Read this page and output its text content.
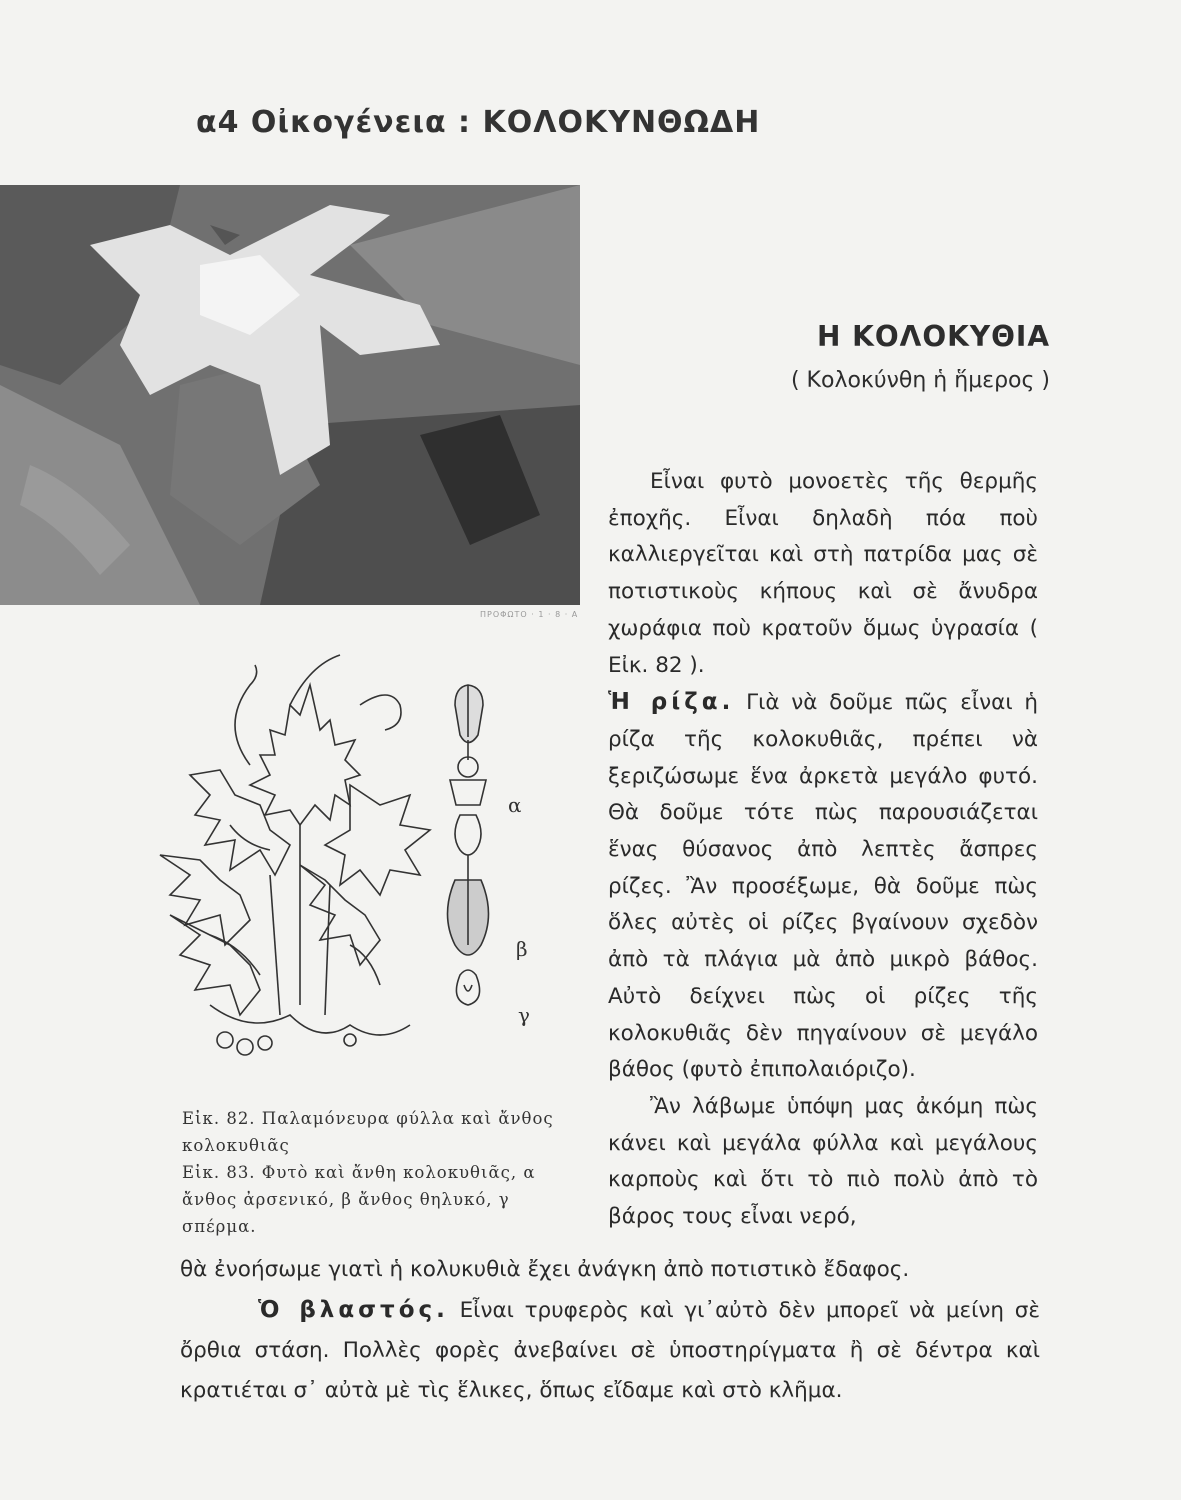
α4 Οἰκογένεια : ΚΟΛΟΚΥΝΘΩΔΗ
ΠΡΟΦΩΤΟ · 1 · 8 · Α
α
β
γ
Η ΚΟΛΟΚΥΘΙΑ
( Κολοκύνθη ἡ ἥμερος )

Εἶναι φυτὸ μονοετὲς τῆς θερμῆς ἐποχῆς. Εἶναι δηλαδὴ πόα ποὺ καλλιεργεῖται καὶ στὴ πατρίδα μας σὲ ποτιστικοὺς κήπους καὶ σὲ ἄνυδρα χωράφια ποὺ κρατοῦν ὅμως ὑγρασία ( Εἰκ. 82 ).

Ἡ ρίζα. Γιὰ νὰ δοῦμε πῶς εἶναι ἡ ρίζα τῆς κολοκυθιᾶς, πρέπει νὰ ξεριζώσωμε ἕνα ἀρκετὰ μεγάλο φυτό. Θὰ δοῦμε τότε πὼς παρουσιάζεται ἕνας θύσανος ἀπὸ λεπτὲς ἄσπρες ρίζες. Ἂν προσέξωμε, θὰ δοῦμε πὼς ὅλες αὐτὲς οἱ ρίζες βγαίνουν σχεδὸν ἀπὸ τὰ πλάγια μὰ ἀπὸ μικρὸ βάθος. Αὐτὸ δείχνει πὼς οἱ ρίζες τῆς κολοκυθιᾶς δὲν πηγαίνουν σὲ μεγάλο βάθος (φυτὸ ἐπιπολαιόριζο).

Ἂν λάβωμε ὑπόψη μας ἀκόμη πὼς κάνει καὶ μεγάλα φύλλα καὶ μεγάλους καρποὺς καὶ ὅτι τὸ πιὸ πολὺ ἀπὸ τὸ βάρος τους εἶναι νερό,

Εἰκ. 82. Παλαμόνευρα φύλλα καὶ ἄνθος κολοκυθιᾶς

Εἰκ. 83. Φυτὸ καὶ ἄνθη κολοκυθιᾶς, α ἄνθος ἀρσενικό, β ἄνθος θηλυκό, γ σπέρμα.

θὰ ἐνοήσωμε γιατὶ ἡ κολυκυθιὰ ἔχει ἀνάγκη ἀπὸ ποτιστικὸ ἔδαφος.

Ὁ βλαστός. Εἶναι τρυφερὸς καὶ γι᾽αὐτὸ δὲν μπορεῖ νὰ μείνη σὲ ὄρθια στάση. Πολλὲς φορὲς ἀνεβαίνει σὲ ὑποστηρίγματα ἢ σὲ δέντρα καὶ κρατιέται σ᾽ αὐτὰ μὲ τὶς ἕλικες, ὅπως εἴδαμε καὶ στὸ κλῆμα.
